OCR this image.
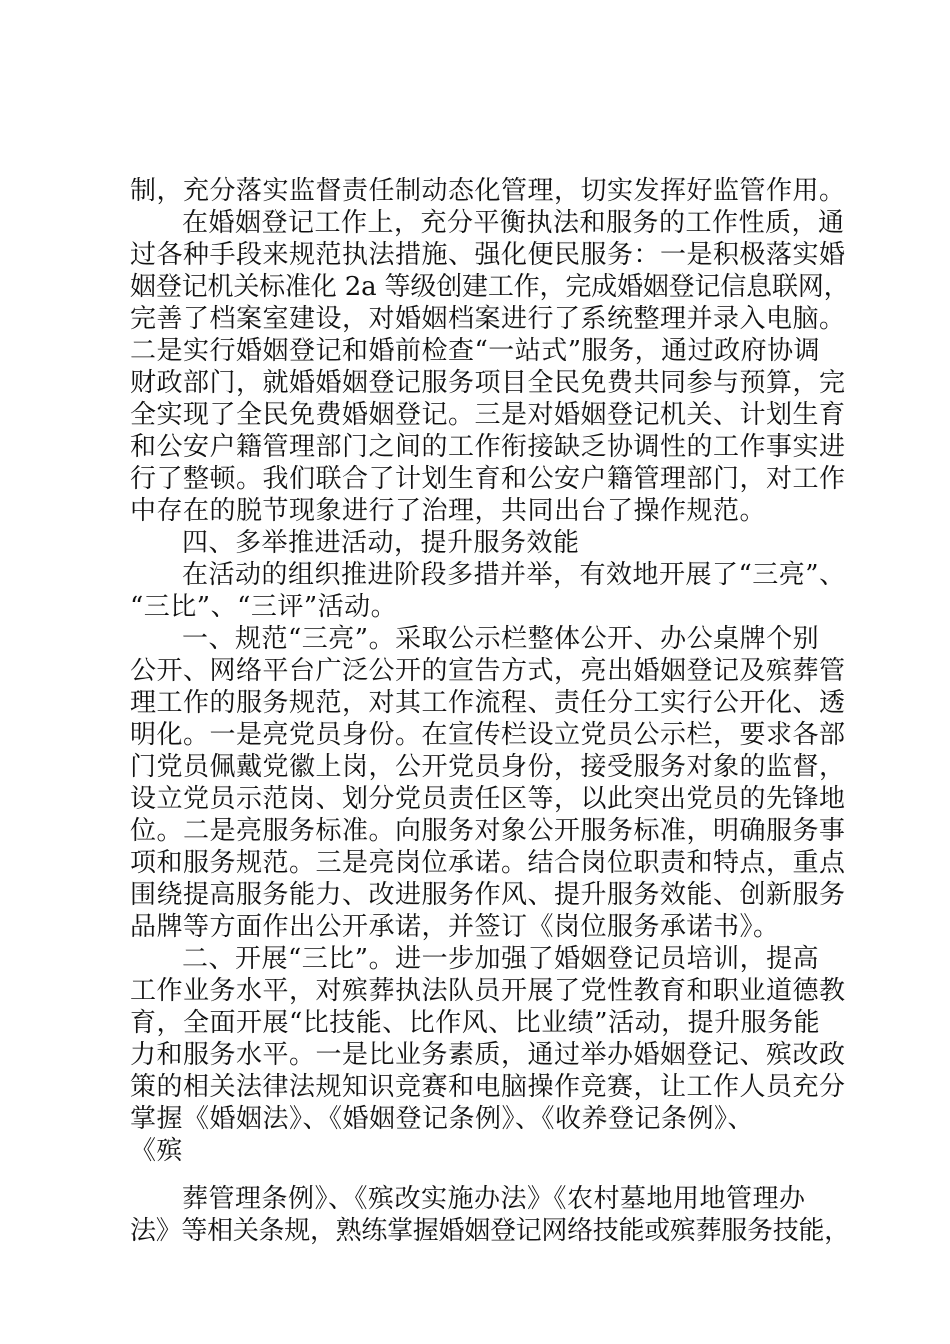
制，充分落实监督责任制动态化管理，切实发挥好监管作用。
在婚姻登记工作上，充分平衡执法和服务的工作性质，通
过各种手段来规范执法措施、强化便民服务：一是积极落实婚
姻登记机关标准化 2a 等级创建工作，完成婚姻登记信息联网，
完善了档案室建设，对婚姻档案进行了系统整理并录入电脑。
二是实行婚姻登记和婚前检查“一站式”服务，通过政府协调
财政部门，就婚婚姻登记服务项目全民免费共同参与预算，完
全实现了全民免费婚姻登记。三是对婚姻登记机关、计划生育
和公安户籍管理部门之间的工作衔接缺乏协调性的工作事实进
行了整顿。我们联合了计划生育和公安户籍管理部门，对工作
中存在的脱节现象进行了治理，共同出台了操作规范。
四、多举推进活动，提升服务效能
在活动的组织推进阶段多措并举，有效地开展了“三亮”、
“三比”、“三评”活动。
一、规范“三亮”。采取公示栏整体公开、办公桌牌个别
公开、网络平台广泛公开的宣告方式，亮出婚姻登记及殡葬管
理工作的服务规范，对其工作流程、责任分工实行公开化、透
明化。一是亮党员身份。在宣传栏设立党员公示栏，要求各部
门党员佩戴党徽上岗，公开党员身份，接受服务对象的监督，
设立党员示范岗、划分党员责任区等，以此突出党员的先锋地
位。二是亮服务标准。向服务对象公开服务标准，明确服务事
项和服务规范。三是亮岗位承诺。结合岗位职责和特点，重点
围绕提高服务能力、改进服务作风、提升服务效能、创新服务
品牌等方面作出公开承诺，并签订《岗位服务承诺书》。
二、开展“三比”。进一步加强了婚姻登记员培训，提高
工作业务水平，对殡葬执法队员开展了党性教育和职业道德教
育，全面开展“比技能、比作风、比业绩”活动，提升服务能
力和服务水平。一是比业务素质，通过举办婚姻登记、殡改政
策的相关法律法规知识竞赛和电脑操作竞赛，让工作人员充分
掌握《婚姻法》、《婚姻登记条例》、《收养登记条例》、
《殡
葬管理条例》、《殡改实施办法》《农村墓地用地管理办
法》等相关条规，熟练掌握婚姻登记网络技能或殡葬服务技能，
